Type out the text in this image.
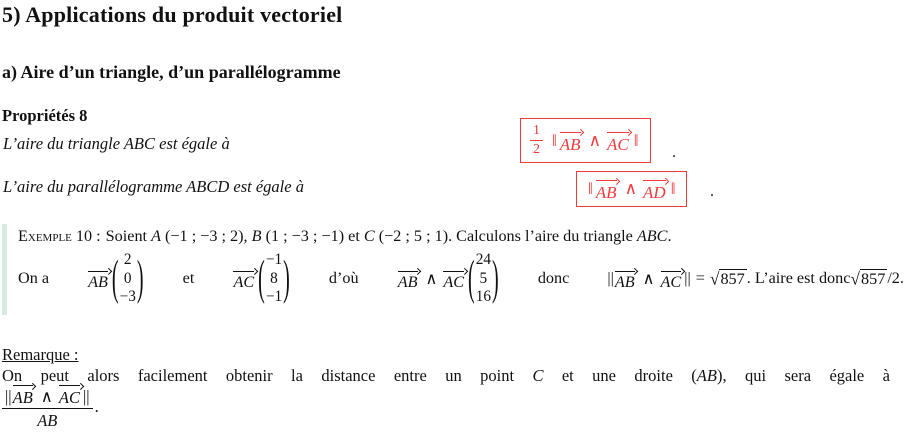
5) Applications du produit vectoriel
a) Aire d’un triangle, d’un parallélogramme
Propriétés 8
L’aire du triangle ABC est égale à	$\frac{1}{2}$ ‖ AB ∧ AC ‖
.
L’aire du parallélogramme ABCD est égale à	‖ AB ∧ AD ‖ .
Exemple 10 : Soient A (−1 ; −3 ; 2), B (1 ; −3 ; −1) et C (−2 ; 5 ; 1). Calculons l’aire du triangle ABC.
On a AB ( 2
0
−3 ) et AC ( −1
8
−1 ) d’où AB ∧ AC ( 24
5
16 ) donc || AB ∧ AC || = √ 857 . L’aire est donc √ 857 /2.
Remarque :
On peut alors facilement obtenir la distance entre un point C et une droite (AB), qui sera égale à
$\frac{|| AB \wedge AC ||}{AB}$ .
